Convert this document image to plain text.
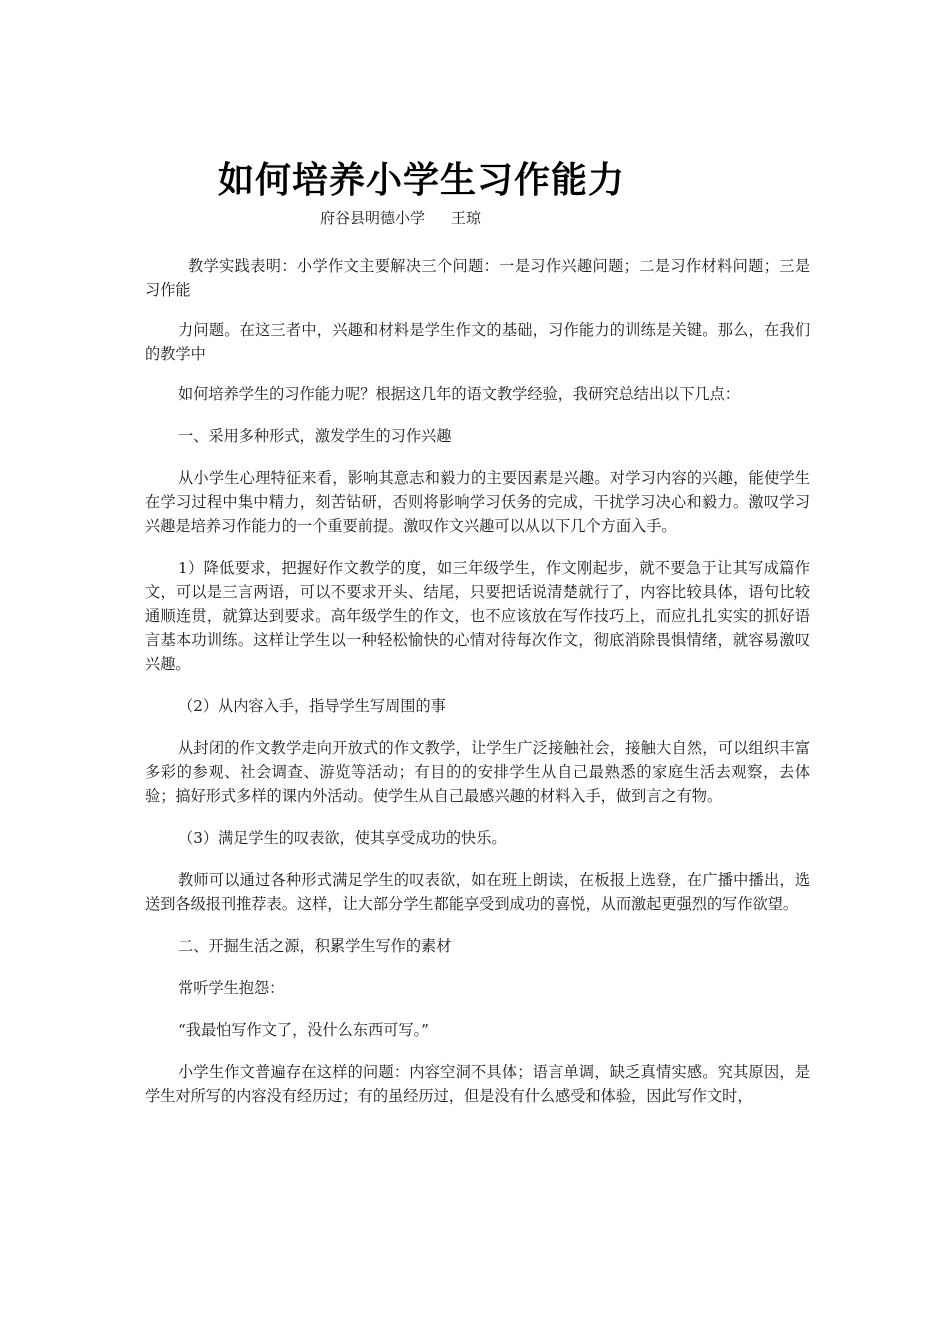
如何培养小学生习作能力
府谷县明德小学 王琼

教学实践表明：小学作文主要解决三个问题：一是习作兴趣问题；二是习作材料问题；三是习作能

力问题。在这三者中，兴趣和材料是学生作文的基础，习作能力的训练是关键。那么，在我们的教学中

如何培养学生的习作能力呢？根据这几年的语文教学经验，我研究总结出以下几点：

一、采用多种形式，激发学生的习作兴趣

从小学生心理特征来看，影响其意志和毅力的主要因素是兴趣。对学习内容的兴趣，能使学生在学习过程中集中精力，刻苦钻研，否则将影响学习仸务的完成，干扰学习决心和毅力。激叹学习兴趣是培养习作能力的一个重要前提。激叹作文兴趣可以从以下几个方面入手。

1）降低要求，把握好作文教学的度，如三年级学生，作文刚起步，就不要急于让其写成篇作文，可以是三言两语，可以不要求开头、结尾，只要把话说清楚就行了，内容比较具体，语句比较通顺连贯，就算达到要求。高年级学生的作文，也不应该放在写作技巧上，而应扎扎实实的抓好语言基本功训练。这样让学生以一种轻松愉快的心情对待每次作文，彻底消除畏惧情绪，就容易激叹兴趣。

（2）从内容入手，指导学生写周围的事

从封闭的作文教学走向开放式的作文教学，让学生广泛接触社会，接触大自然，可以组织丰富多彩的参观、社会调查、游览等活动；有目的的安排学生从自己最熟悉的家庭生活去观察，去体验；搞好形式多样的课内外活动。使学生从自己最感兴趣的材料入手，做到言之有物。

（3）满足学生的叹表欲，使其享受成功的快乐。

教师可以通过各种形式满足学生的叹表欲，如在班上朗读，在板报上选登，在广播中播出，选送到各级报刊推荐表。这样，让大部分学生都能享受到成功的喜悦，从而激起更强烈的写作欲望。

二、开掘生活之源，积累学生写作的素材

常听学生抱怨：

“我最怕写作文了，没什么东西可写。”

小学生作文普遍存在这样的问题：内容空洞不具体；语言单调，缺乏真情实感。究其原因，是学生对所写的内容没有经历过；有的虽经历过，但是没有什么感受和体验，因此写作文时，
